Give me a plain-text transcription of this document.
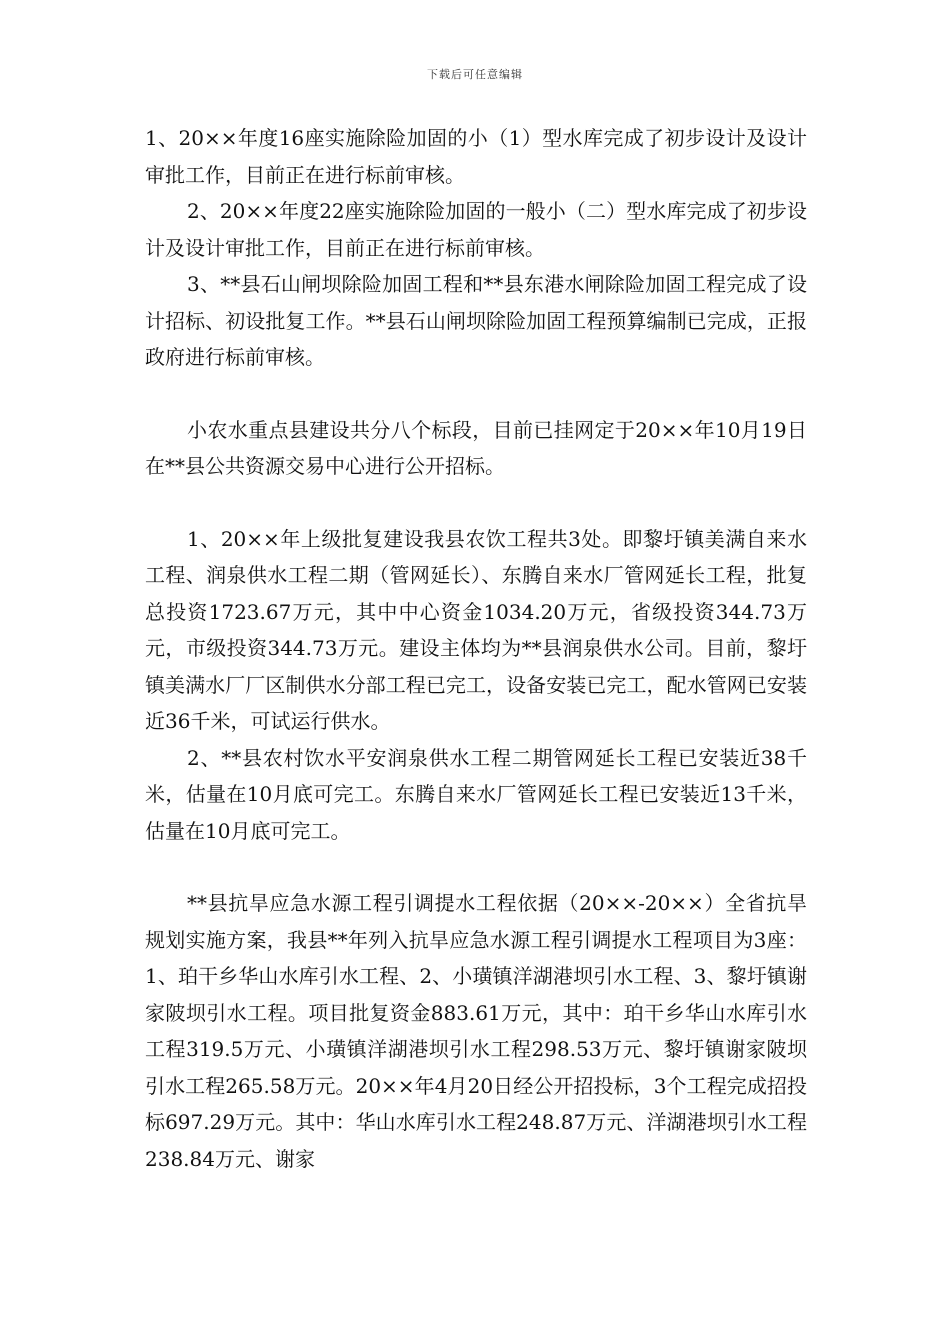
下载后可任意编辑

1、20××年度16座实施除险加固的小（1）型水库完成了初步设计及设计审批工作，目前正在进行标前审核。

2、20××年度22座实施除险加固的一般小（二）型水库完成了初步设计及设计审批工作，目前正在进行标前审核。

3、**县石山闸坝除险加固工程和**县东港水闸除险加固工程完成了设计招标、初设批复工作。**县石山闸坝除险加固工程预算编制已完成，正报政府进行标前审核。

小农水重点县建设共分八个标段，目前已挂网定于20××年10月19日在**县公共资源交易中心进行公开招标。

1、20××年上级批复建设我县农饮工程共3处。即黎圩镇美满自来水工程、润泉供水工程二期（管网延长）、东腾自来水厂管网延长工程，批复总投资1723.67万元，其中中心资金1034.20万元，省级投资344.73万元，市级投资344.73万元。建设主体均为**县润泉供水公司。目前，黎圩镇美满水厂厂区制供水分部工程已完工，设备安装已完工，配水管网已安装近36千米，可试运行供水。

2、**县农村饮水平安润泉供水工程二期管网延长工程已安装近38千米，估量在10月底可完工。东腾自来水厂管网延长工程已安装近13千米，估量在10月底可完工。

**县抗旱应急水源工程引调提水工程依据（20××-20××）全省抗旱规划实施方案，我县**年列入抗旱应急水源工程引调提水工程项目为3座：1、珀干乡华山水库引水工程、2、小璜镇洋湖港坝引水工程、3、黎圩镇谢家陂坝引水工程。项目批复资金883.61万元，其中：珀干乡华山水库引水工程319.5万元、小璜镇洋湖港坝引水工程298.53万元、黎圩镇谢家陂坝引水工程265.58万元。20××年4月20日经公开招投标，3个工程完成招投标697.29万元。其中：华山水库引水工程248.87万元、洋湖港坝引水工程238.84万元、谢家
